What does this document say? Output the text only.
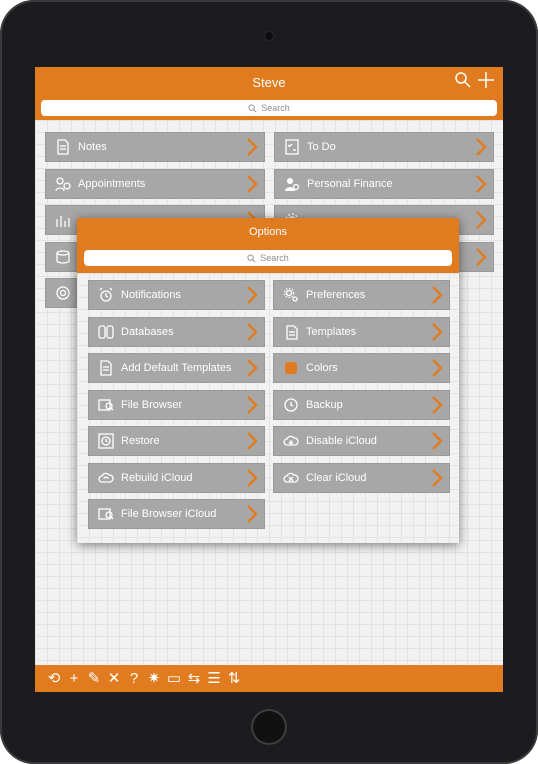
Steve
Search
Notes	To Do
Appointments	Personal Finance
Options
Search
Notifications	Preferences
Databases	Templates
Add Default Templates	Colors
File Browser	Backup
Restore	Disable iCloud
Rebuild iCloud	Clear iCloud
File Browser iCloud
⟲ + ✎ ✕ ? ✷ ▭ ⇆ ☰ ⇅
